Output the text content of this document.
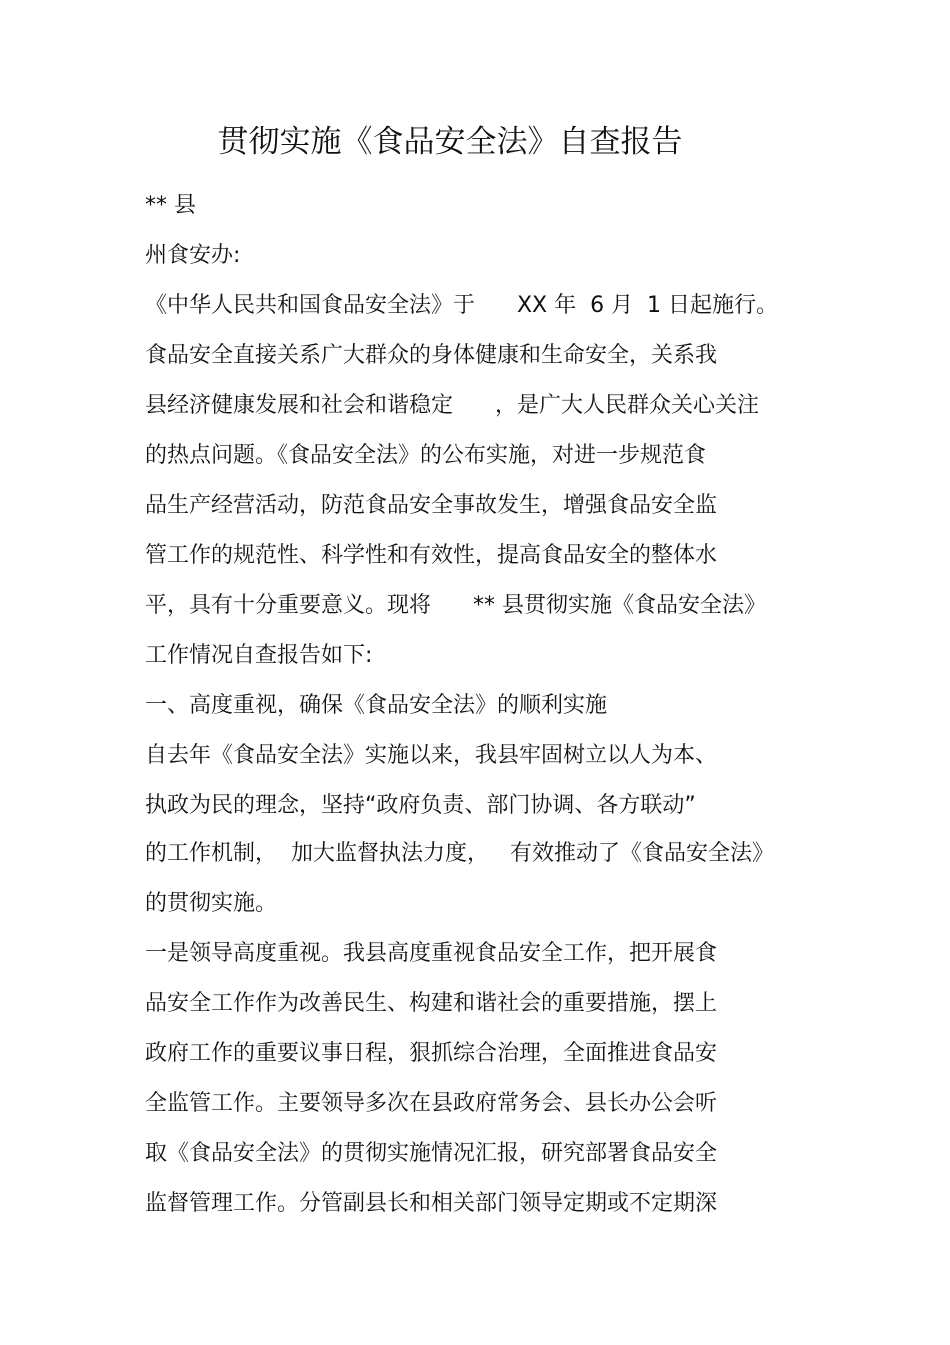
贯彻实施《食品安全法》自查报告
** 县
州食安办:
《中华人民共和国食品安全法》于      XX 年  6 月  1 日起施行。
食品安全直接关系广大群众的身体健康和生命安全，关系我
县经济健康发展和社会和谐稳定      ，是广大人民群众关心关注
的热点问题。《食品安全法》的公布实施，对进一步规范食
品生产经营活动，防范食品安全事故发生，增强食品安全监
管工作的规范性、科学性和有效性，提高食品安全的整体水
平，具有十分重要意义。现将      ** 县贯彻实施《食品安全法》
工作情况自查报告如下:
一、高度重视，确保《食品安全法》的顺利实施
自去年《食品安全法》实施以来，我县牢固树立以人为本、
执政为民的理念，坚持“政府负责、部门协调、各方联动”
的工作机制，  加大监督执法力度，   有效推动了《食品安全法》
的贯彻实施。
一是领导高度重视。我县高度重视食品安全工作，把开展食
品安全工作作为改善民生、构建和谐社会的重要措施，摆上
政府工作的重要议事日程，狠抓综合治理，全面推进食品安
全监管工作。主要领导多次在县政府常务会、县长办公会听
取《食品安全法》的贯彻实施情况汇报，研究部署食品安全
监督管理工作。分管副县长和相关部门领导定期或不定期深
